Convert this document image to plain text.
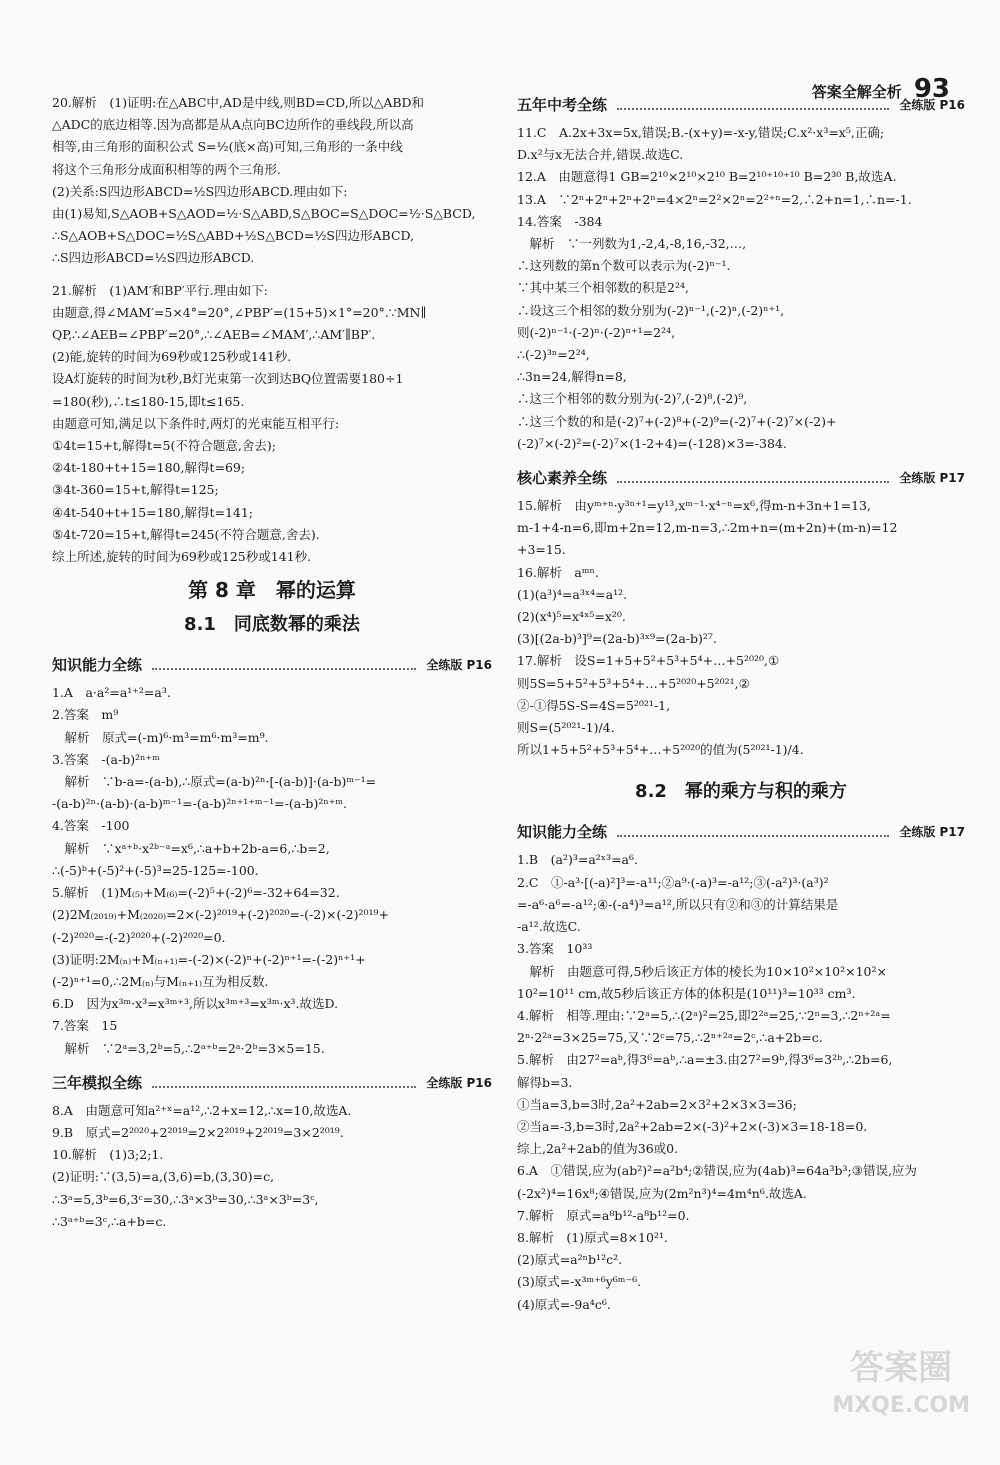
答案全解全析 93
20.解析　(1)证明:在△ABC中,AD是中线,则BD=CD,所以△ABD和
△ADC的底边相等.因为高都是从A点向BC边所作的垂线段,所以高
相等,由三角形的面积公式 S=½(底×高)可知,三角形的一条中线
将这个三角形分成面积相等的两个三角形.
(2)关系:S四边形ABCD=½S四边形ABCD.理由如下:
由(1)易知,S△AOB+S△AOD=½·S△ABD,S△BOC=S△DOC=½·S△BCD,
∴S△AOB+S△DOC=½S△ABD+½S△BCD=½S四边形ABCD,
∴S四边形ABCD=½S四边形ABCD.
21.解析　(1)AM′和BP′平行.理由如下:
由题意,得∠MAM′=5×4°=20°,∠PBP′=(15+5)×1°=20°.∵MN∥
QP,∴∠AEB=∠PBP′=20°,∴∠AEB=∠MAM′,∴AM′∥BP′.
(2)能,旋转的时间为69秒或125秒或141秒.
设A灯旋转的时间为t秒,B灯光束第一次到达BQ位置需要180÷1
=180(秒),∴t≤180-15,即t≤165.
由题意可知,满足以下条件时,两灯的光束能互相平行:
①4t=15+t,解得t=5(不符合题意,舍去);
②4t-180+t+15=180,解得t=69;
③4t-360=15+t,解得t=125;
④4t-540+t+15=180,解得t=141;
⑤4t-720=15+t,解得t=245(不符合题意,舍去).
综上所述,旋转的时间为69秒或125秒或141秒.
第 8 章　幂的运算
8.1　同底数幂的乘法
知识能力全练	全练版 P16
1.A　a·a²=a¹⁺²=a³.
2.答案　m⁹
　解析　原式=(-m)⁶·m³=m⁶·m³=m⁹.
3.答案　-(a-b)²ⁿ⁺ᵐ
　解析　∵b-a=-(a-b),∴原式=(a-b)²ⁿ·[-(a-b)]·(a-b)ᵐ⁻¹=
-(a-b)²ⁿ·(a-b)·(a-b)ᵐ⁻¹=-(a-b)²ⁿ⁺¹⁺ᵐ⁻¹=-(a-b)²ⁿ⁺ᵐ.
4.答案　-100
　解析　∵xᵃ⁺ᵇ·x²ᵇ⁻ᵃ=x⁶,∴a+b+2b-a=6,∴b=2,
∴(-5)ᵇ+(-5)²+(-5)³=25-125=-100.
5.解析　(1)M₍₅₎+M₍₆₎=(-2)⁵+(-2)⁶=-32+64=32.
(2)2M₍₂₀₁₉₎+M₍₂₀₂₀₎=2×(-2)²⁰¹⁹+(-2)²⁰²⁰=-(-2)×(-2)²⁰¹⁹+
(-2)²⁰²⁰=-(-2)²⁰²⁰+(-2)²⁰²⁰=0.
(3)证明:2M₍ₙ₎+M₍ₙ₊₁₎=-(-2)×(-2)ⁿ+(-2)ⁿ⁺¹=-(-2)ⁿ⁺¹+
(-2)ⁿ⁺¹=0,∴2M₍ₙ₎与M₍ₙ₊₁₎互为相反数.
6.D　因为x³ᵐ·x³=x³ᵐ⁺³,所以x³ᵐ⁺³=x³ᵐ·x³.故选D.
7.答案　15
　解析　∵2ᵃ=3,2ᵇ=5,∴2ᵃ⁺ᵇ=2ᵃ·2ᵇ=3×5=15.
三年模拟全练	全练版 P16
8.A　由题意可知a²⁺ˣ=a¹²,∴2+x=12,∴x=10,故选A.
9.B　原式=2²⁰²⁰+2²⁰¹⁹=2×2²⁰¹⁹+2²⁰¹⁹=3×2²⁰¹⁹.
10.解析　(1)3;2;1.
(2)证明:∵(3,5)=a,(3,6)=b,(3,30)=c,
∴3ᵃ=5,3ᵇ=6,3ᶜ=30,∴3ᵃ×3ᵇ=30,∴3ᵃ×3ᵇ=3ᶜ,
∴3ᵃ⁺ᵇ=3ᶜ,∴a+b=c.
五年中考全练	全练版 P16
11.C　A.2x+3x=5x,错误;B.-(x+y)=-x-y,错误;C.x²·x³=x⁵,正确;
D.x²与x无法合并,错误.故选C.
12.A　由题意得1 GB=2¹⁰×2¹⁰×2¹⁰ B=2¹⁰⁺¹⁰⁺¹⁰ B=2³⁰ B,故选A.
13.A　∵2ⁿ+2ⁿ+2ⁿ+2ⁿ=4×2ⁿ=2²×2ⁿ=2²⁺ⁿ=2,∴2+n=1,∴n=-1.
14.答案　-384
　解析　∵一列数为1,-2,4,-8,16,-32,…,
∴这列数的第n个数可以表示为(-2)ⁿ⁻¹.
∵其中某三个相邻数的积是2²⁴,
∴设这三个相邻的数分别为(-2)ⁿ⁻¹,(-2)ⁿ,(-2)ⁿ⁺¹,
则(-2)ⁿ⁻¹·(-2)ⁿ·(-2)ⁿ⁺¹=2²⁴,
∴(-2)³ⁿ=2²⁴,
∴3n=24,解得n=8,
∴这三个相邻的数分别为(-2)⁷,(-2)⁸,(-2)⁹,
∴这三个数的和是(-2)⁷+(-2)⁸+(-2)⁹=(-2)⁷+(-2)⁷×(-2)+
(-2)⁷×(-2)²=(-2)⁷×(1-2+4)=(-128)×3=-384.
核心素养全练	全练版 P17
15.解析　由yᵐ⁺ⁿ·y³ⁿ⁺¹=y¹³,xᵐ⁻¹·x⁴⁻ⁿ=x⁶,得m-n+3n+1=13,
m-1+4-n=6,即m+2n=12,m-n=3,∴2m+n=(m+2n)+(m-n)=12
+3=15.
16.解析　aᵐⁿ.
(1)(a³)⁴=a³ˣ⁴=a¹².
(2)(x⁴)⁵=x⁴ˣ⁵=x²⁰.
(3)[(2a-b)³]⁹=(2a-b)³ˣ⁹=(2a-b)²⁷.
17.解析　设S=1+5+5²+5³+5⁴+…+5²⁰²⁰,①
则5S=5+5²+5³+5⁴+…+5²⁰²⁰+5²⁰²¹,②
②-①得5S-S=4S=5²⁰²¹-1,
则S=(5²⁰²¹-1)/4.
所以1+5+5²+5³+5⁴+…+5²⁰²⁰的值为(5²⁰²¹-1)/4.
8.2　幂的乘方与积的乘方
知识能力全练	全练版 P17
1.B　(a²)³=a²ˣ³=a⁶.
2.C　①-a³·[(-a)²]³=-a¹¹;②a⁹·(-a)³=-a¹²;③(-a²)³·(a³)²
=-a⁶·a⁶=-a¹²;④-(-a⁴)³=a¹²,所以只有②和③的计算结果是
-a¹².故选C.
3.答案　10³³
　解析　由题意可得,5秒后该正方体的棱长为10×10²×10²×10²×
10²=10¹¹ cm,故5秒后该正方体的体积是(10¹¹)³=10³³ cm³.
4.解析　相等.理由:∵2ᵃ=5,∴(2ᵃ)²=25,即2²ᵃ=25,∵2ⁿ=3,∴2ⁿ⁺²ᵃ=
2ⁿ·2²ᵃ=3×25=75,又∵2ᶜ=75,∴2ⁿ⁺²ᵃ=2ᶜ,∴a+2b=c.
5.解析　由27²=aᵇ,得3⁶=aᵇ,∴a=±3.由27²=9ᵇ,得3⁶=3²ᵇ,∴2b=6,
解得b=3.
①当a=3,b=3时,2a²+2ab=2×3²+2×3×3=36;
②当a=-3,b=3时,2a²+2ab=2×(-3)²+2×(-3)×3=18-18=0.
综上,2a²+2ab的值为36或0.
6.A　①错误,应为(ab²)²=a²b⁴;②错误,应为(4ab)³=64a³b³;③错误,应为
(-2x²)⁴=16x⁸;④错误,应为(2m²n³)⁴=4m⁴n⁶.故选A.
7.解析　原式=a⁸b¹²-a⁸b¹²=0.
8.解析　(1)原式=8×10²¹.
(2)原式=a²ⁿb¹²c².
(3)原式=-x³ᵐ⁺⁶y⁶ᵐ⁻⁶.
(4)原式=-9a⁴c⁶.
答案圈
MXQE.COM
